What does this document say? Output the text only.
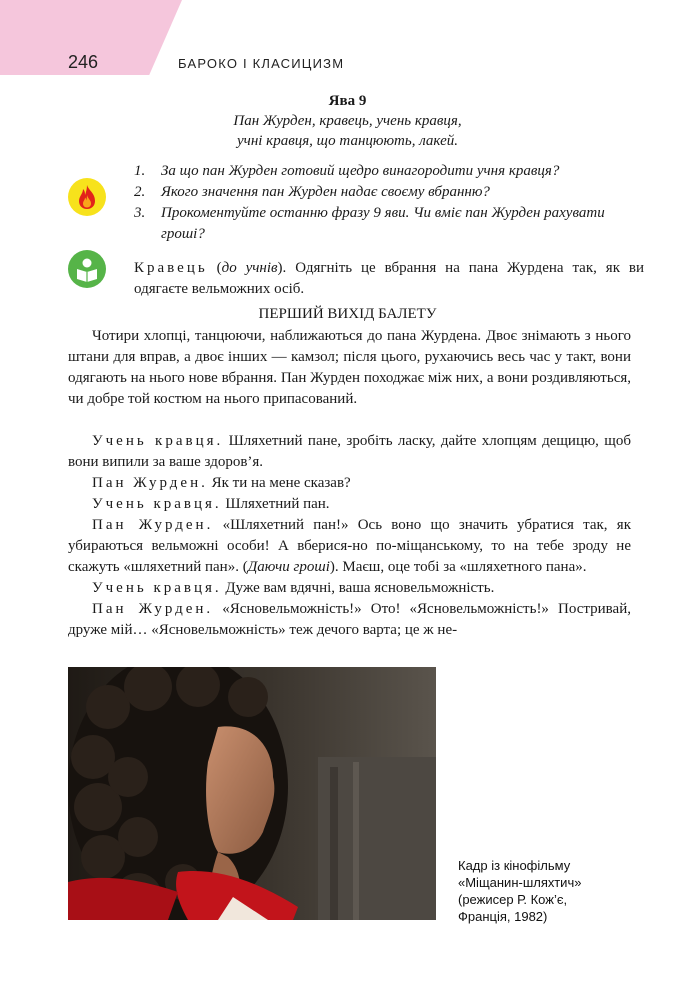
246	БАРОКО І КЛАСИЦИЗМ
Ява 9
Пан Журден, кравець, учень кравця,
учні кравця, що танцюють, лакей.
1. За що пан Журден готовий щедро винагородити учня кравця?
2. Якого значення пан Журден надає своєму вбранню?
3. Прокоментуйте останню фразу 9 яви. Чи вміє пан Журден рахувати гроші?

Кравець (до учнів). Одягніть це вбрання на пана Журдена так, як ви одягаєте вельможних осіб.

ПЕРШИЙ ВИХІД БАЛЕТУ

Чотири хлопці, танцюючи, наближаються до пана Журдена. Двоє знімають з нього штани для вправ, а двоє інших — камзол; після цього, рухаючись весь час у такт, вони одягають на нього нове вбрання. Пан Журден походжає між них, а вони роздивляються, чи добре той костюм на нього припасований.

Учень кравця. Шляхетний пане, зробіть ласку, дайте хлопцям дещицю, щоб вони випили за ваше здоров’я.

Пан Журден. Як ти на мене сказав?

Учень кравця. Шляхетний пан.

Пан Журден. «Шляхетний пан!» Ось воно що значить убратися так, як убираються вельможні особи! А вберися-но по-міщанському, то на тебе зроду не скажуть «шляхетний пан». (Даючи гроші). Маєш, оце тобі за «шляхетного пана».

Учень кравця. Дуже вам вдячні, ваша ясновельможність.

Пан Журден. «Ясновельможність!» Ото! «Ясновельможність!» Постривай, друже мій… «Ясновельможність» теж дечого варта; це ж не-

Кадр із кінофільму
«Міщанин-шляхтич»
(режисер Р. Кож’є,
Франція, 1982)
